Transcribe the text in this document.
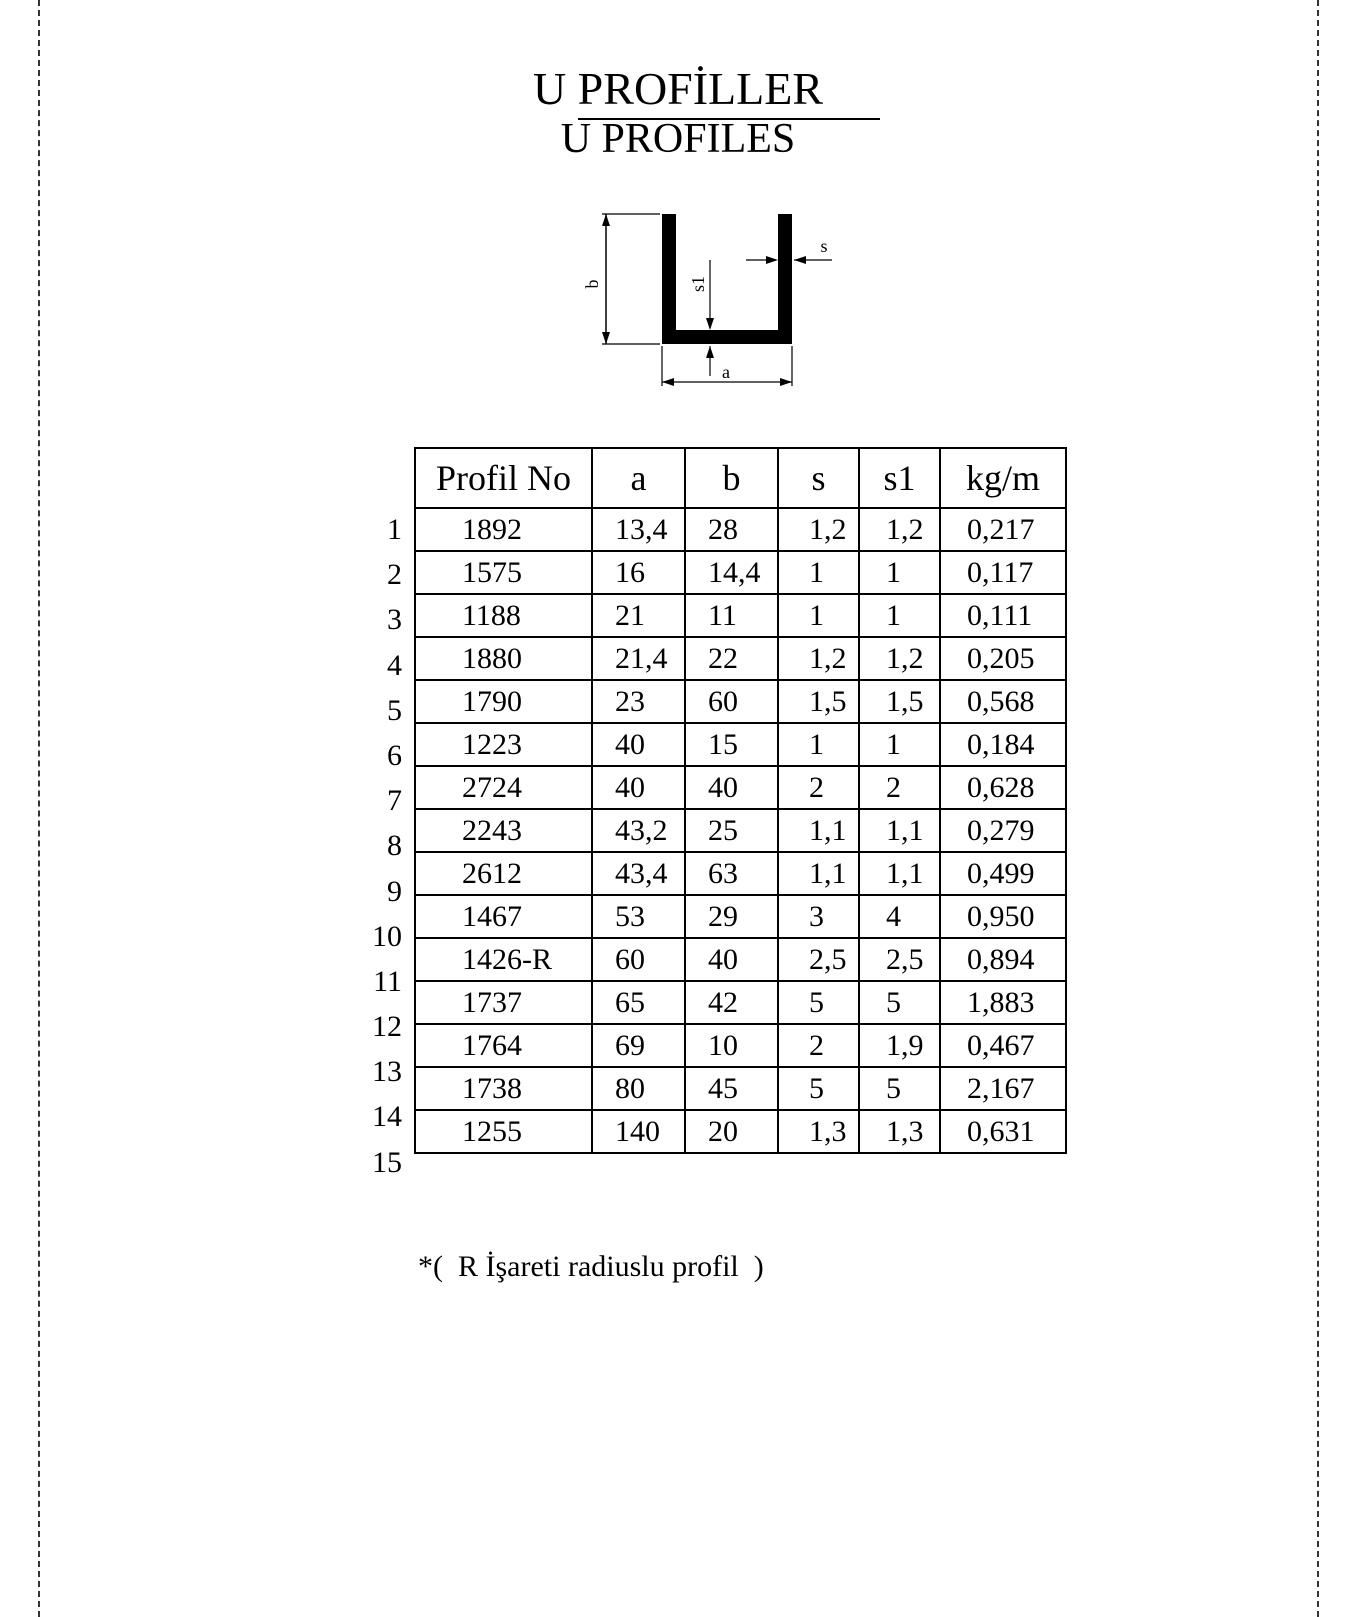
U PROFİLLER
U PROFILES
b	s1
s
a
1
2
3
4
5
6
7
8
9
10
11
12
13
14
15
Profil No	a	b	s	s1	kg/m
1892	13,4	28	1,2	1,2	0,217
1575	16	14,4	1	1	0,117
1188	21	11	1	1	0,111
1880	21,4	22	1,2	1,2	0,205
1790	23	60	1,5	1,5	0,568
1223	40	15	1	1	0,184
2724	40	40	2	2	0,628
2243	43,2	25	1,1	1,1	0,279
2612	43,4	63	1,1	1,1	0,499
1467	53	29	3	4	0,950
1426-R	60	40	2,5	2,5	0,894
1737	65	42	5	5	1,883
1764	69	10	2	1,9	0,467
1738	80	45	5	5	2,167
1255	140	20	1,3	1,3	0,631
*(  R İşareti radiuslu profil  )
